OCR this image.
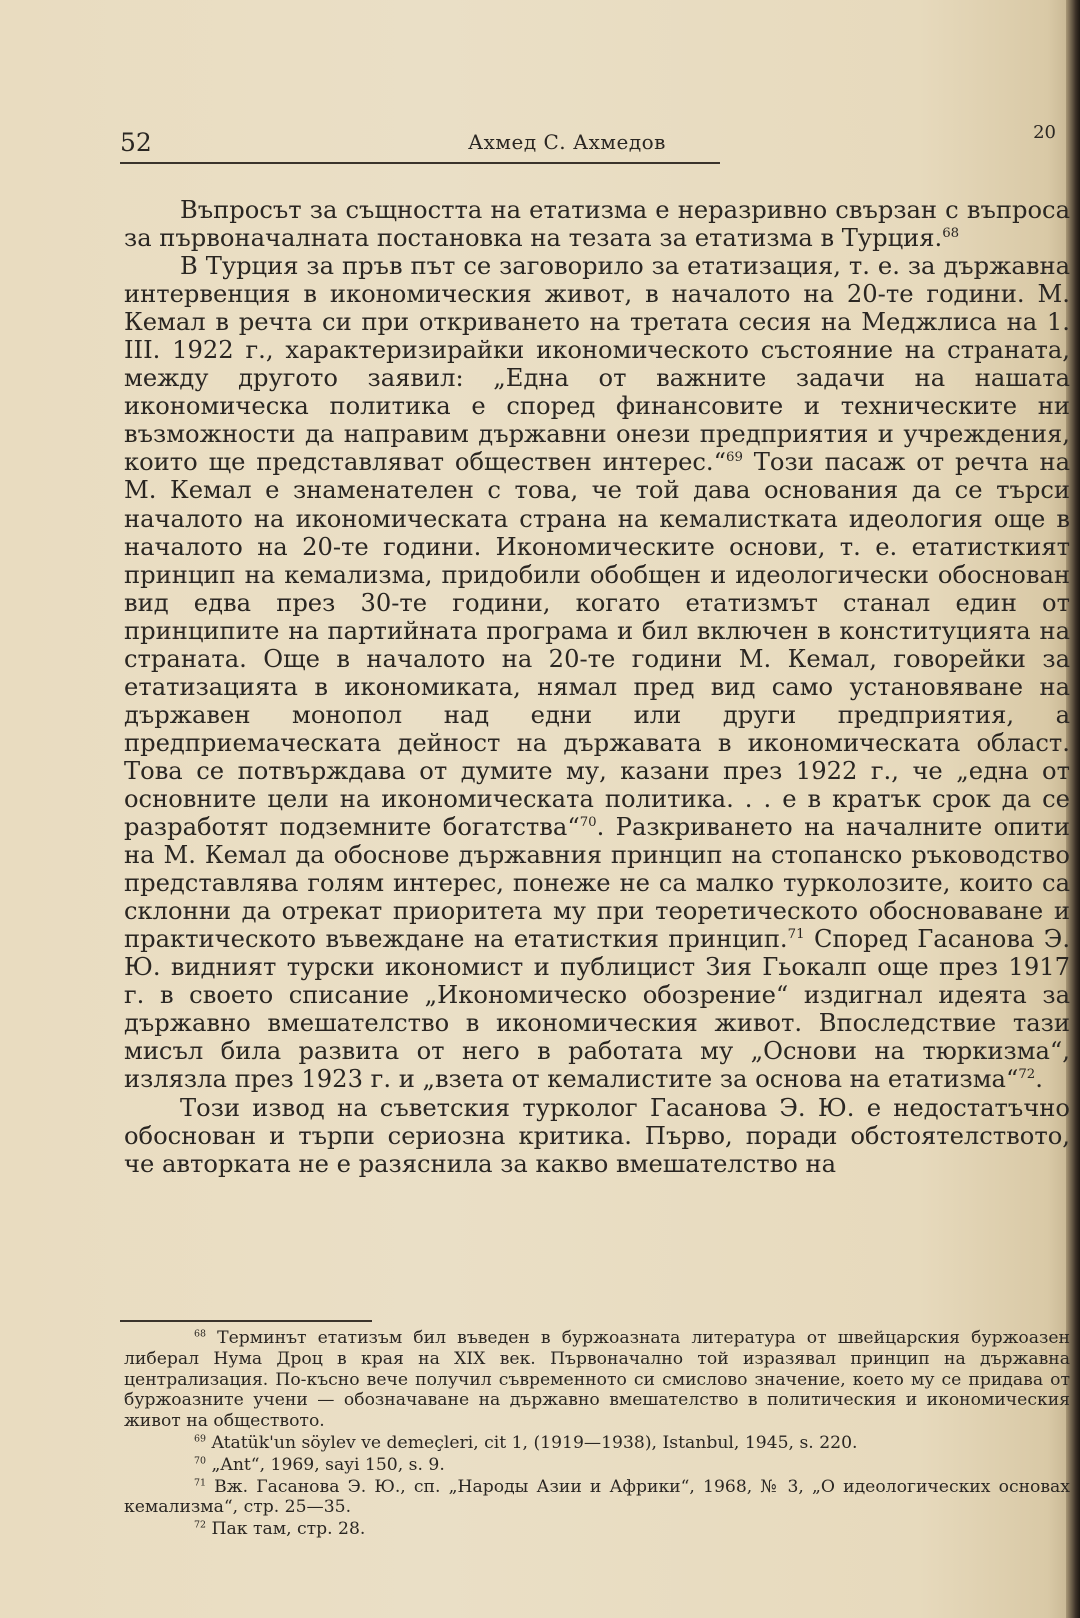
52	Ахмед С. Ахмедов	20

Въпросът за същността на етатизма е неразривно свързан с въпроса за първоначалната постановка на тезата за етатизма в Турция.$^{68}$

В Турция за пръв път се заговорило за етатизация, т. е. за държавна интервенция в икономическия живот, в началото на 20-те години. М. Кемал в речта си при откриването на третата сесия на Меджлиса на 1. III. 1922 г., характеризирайки икономическото състояние на страната, между другото заявил: „Една от важните задачи на нашата икономическа политика е според финансовите и техническите ни възможности да направим държавни онези предприятия и учреждения, които ще представляват обществен интерес.“$^{69}$ Този пасаж от речта на М. Кемал е знаменателен с това, че той дава основания да се търси началото на икономическата страна на кемалистката идеология още в началото на 20-те години. Икономическите основи, т. е. етатисткият принцип на кемализма, придобили обобщен и идеологически обоснован вид едва през 30-те години, когато етатизмът станал един от принципите на партийната програма и бил включен в конституцията на страната. Още в началото на 20-те години М. Кемал, говорейки за етатизацията в икономиката, нямал пред вид само установяване на държавен монопол над едни или други предприятия, а предприемаческата дейност на държавата в икономическата област. Това се потвърждава от думите му, казани през 1922 г., че „една от основните цели на икономическата политика. . . е в кратък срок да се разработят подземните богатства“$^{70}$. Разкриването на началните опити на М. Кемал да обоснове държавния принцип на стопанско ръководство представлява голям интерес, понеже не са малко турколозите, които са склонни да отрекат приоритета му при теоретическото обосноваване и практическото въвеждане на етатисткия принцип.$^{71}$ Според Гасанова Э. Ю. видният турски икономист и публицист Зия Гьокалп още през 1917 г. в своето списание „Икономическо обозрение“ издигнал идеята за държавно вмешателство в икономическия живот. Впоследствие тази мисъл била развита от него в работата му „Основи на тюркизма“, излязла през 1923 г. и „взета от кемалистите за основа на етатизма“$^{72}$.

Този извод на съветския турколог Гасанова Э. Ю. е недостатъчно обоснован и търпи сериозна критика. Първо, поради обстоятелството, че авторката не е разяснила за какво вмешателство на

$^{68}$ Терминът етатизъм бил въведен в буржоазната литература от швейцарския буржоазен либерал Нума Дроц в края на XIX век. Първоначално той изразявал принцип на държавна централизация. По-късно вече получил съвременното си смислово значение, което му се придава от буржоазните учени — обозначаване на държавно вмешателство в политическия и икономическия живот на обществото.

$^{69}$ Atatük'un söylev ve demeçleri, cit 1, (1919—1938), Istanbul, 1945, s. 220.

$^{70}$ „Ant“, 1969, sayi 150, s. 9.

$^{71}$ Вж. Гасанова Э. Ю., сп. „Народы Азии и Африки“, 1968, № 3, „О идеологических основах кемализма“, стр. 25—35.

$^{72}$ Пак там, стр. 28.
